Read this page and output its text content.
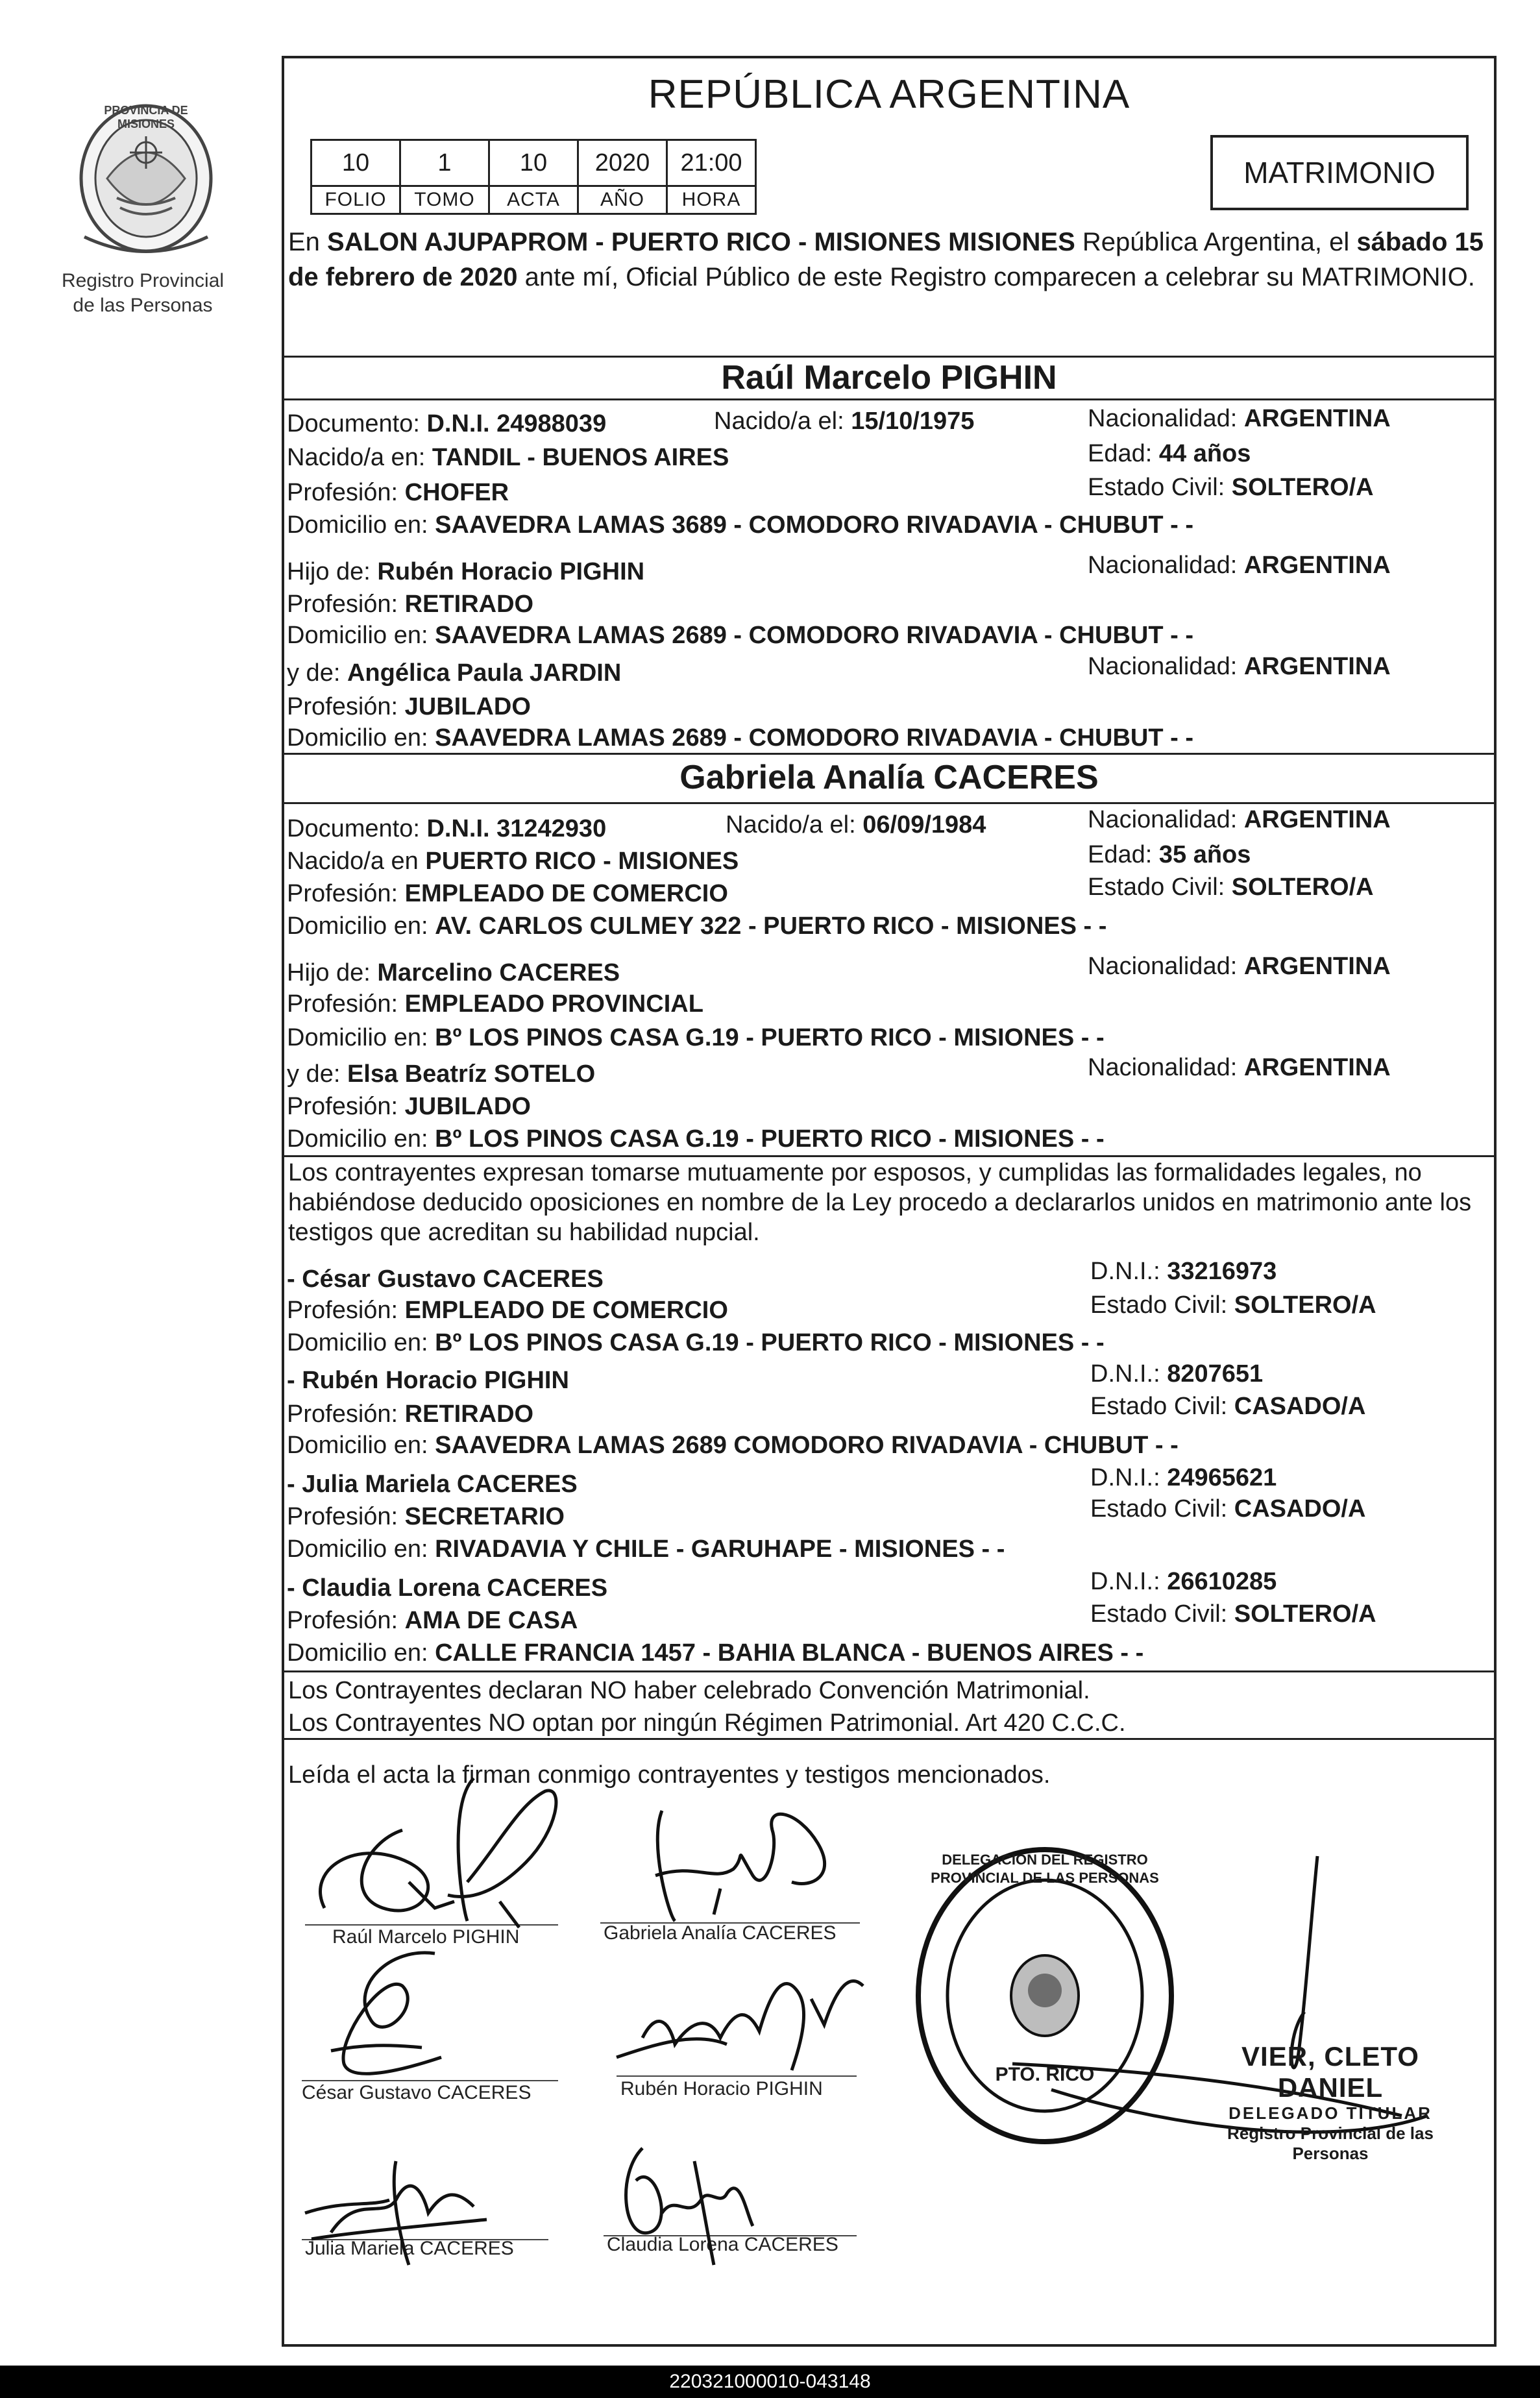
PROVINCIA DE MISIONES
Registro Provincial
de las Personas
REPÚBLICA ARGENTINA
10	1	10	2020	21:00
FOLIO	TOMO	ACTA	AÑO	HORA
MATRIMONIO
En SALON AJUPAPROM - PUERTO RICO - MISIONES MISIONES República Argentina, el sábado 15 de febrero de 2020 ante mí, Oficial Público de este Registro comparecen a celebrar su MATRIMONIO.
Raúl Marcelo PIGHIN
Documento: D.N.I. 24988039	Nacido/a el: 15/10/1975	Nacionalidad: ARGENTINA
Nacido/a en: TANDIL - BUENOS AIRES	Edad: 44 años
Profesión: CHOFER	Estado Civil: SOLTERO/A
Domicilio en: SAAVEDRA LAMAS 3689 - COMODORO RIVADAVIA - CHUBUT - -
Hijo de: Rubén Horacio PIGHIN	Nacionalidad: ARGENTINA
Profesión: RETIRADO
Domicilio en: SAAVEDRA LAMAS 2689 - COMODORO RIVADAVIA - CHUBUT - -
y de: Angélica Paula JARDIN	Nacionalidad: ARGENTINA
Profesión: JUBILADO
Domicilio en: SAAVEDRA LAMAS 2689 - COMODORO RIVADAVIA - CHUBUT - -
Gabriela Analía CACERES
Documento: D.N.I. 31242930	Nacido/a el: 06/09/1984	Nacionalidad: ARGENTINA
Nacido/a en PUERTO RICO - MISIONES	Edad: 35 años
Profesión: EMPLEADO DE COMERCIO	Estado Civil: SOLTERO/A
Domicilio en: AV. CARLOS CULMEY 322 - PUERTO RICO - MISIONES - -
Hijo de: Marcelino CACERES	Nacionalidad: ARGENTINA
Profesión: EMPLEADO PROVINCIAL
Domicilio en: Bº LOS PINOS CASA G.19 - PUERTO RICO - MISIONES - -
y de: Elsa Beatríz SOTELO	Nacionalidad: ARGENTINA
Profesión: JUBILADO
Domicilio en: Bº LOS PINOS CASA G.19 - PUERTO RICO - MISIONES - -
Los contrayentes expresan tomarse mutuamente por esposos, y cumplidas las formalidades legales, no habiéndose deducido oposiciones en nombre de la Ley procedo a declararlos unidos en matrimonio ante los testigos que acreditan su habilidad nupcial.
- César Gustavo CACERES	D.N.I.: 33216973
Profesión: EMPLEADO DE COMERCIO	Estado Civil: SOLTERO/A
Domicilio en: Bº LOS PINOS CASA G.19 - PUERTO RICO - MISIONES - -
- Rubén Horacio PIGHIN	D.N.I.: 8207651
Profesión: RETIRADO	Estado Civil: CASADO/A
Domicilio en: SAAVEDRA LAMAS 2689 COMODORO RIVADAVIA - CHUBUT - -
- Julia Mariela CACERES	D.N.I.: 24965621
Profesión: SECRETARIO	Estado Civil: CASADO/A
Domicilio en: RIVADAVIA Y CHILE - GARUHAPE - MISIONES - -
- Claudia Lorena CACERES	D.N.I.: 26610285
Profesión: AMA DE CASA	Estado Civil: SOLTERO/A
Domicilio en: CALLE FRANCIA 1457 - BAHIA BLANCA - BUENOS AIRES - -
Los Contrayentes declaran NO haber celebrado Convención Matrimonial.
Los Contrayentes NO optan por ningún Régimen Patrimonial. Art 420 C.C.C.
Leída el acta la firman conmigo contrayentes y testigos mencionados.
Raúl Marcelo PIGHIN	Gabriela Analía CACERES
César Gustavo CACERES	Rubén Horacio PIGHIN
Julia Mariela CACERES	Claudia Lorena CACERES
DELEGACION DEL REGISTRO PROVINCIAL DE LAS PERSONAS
PTO. RICO
VIER, CLETO DANIEL
DELEGADO TITULAR
Registro Provincial de las Personas
220321000010-043148
